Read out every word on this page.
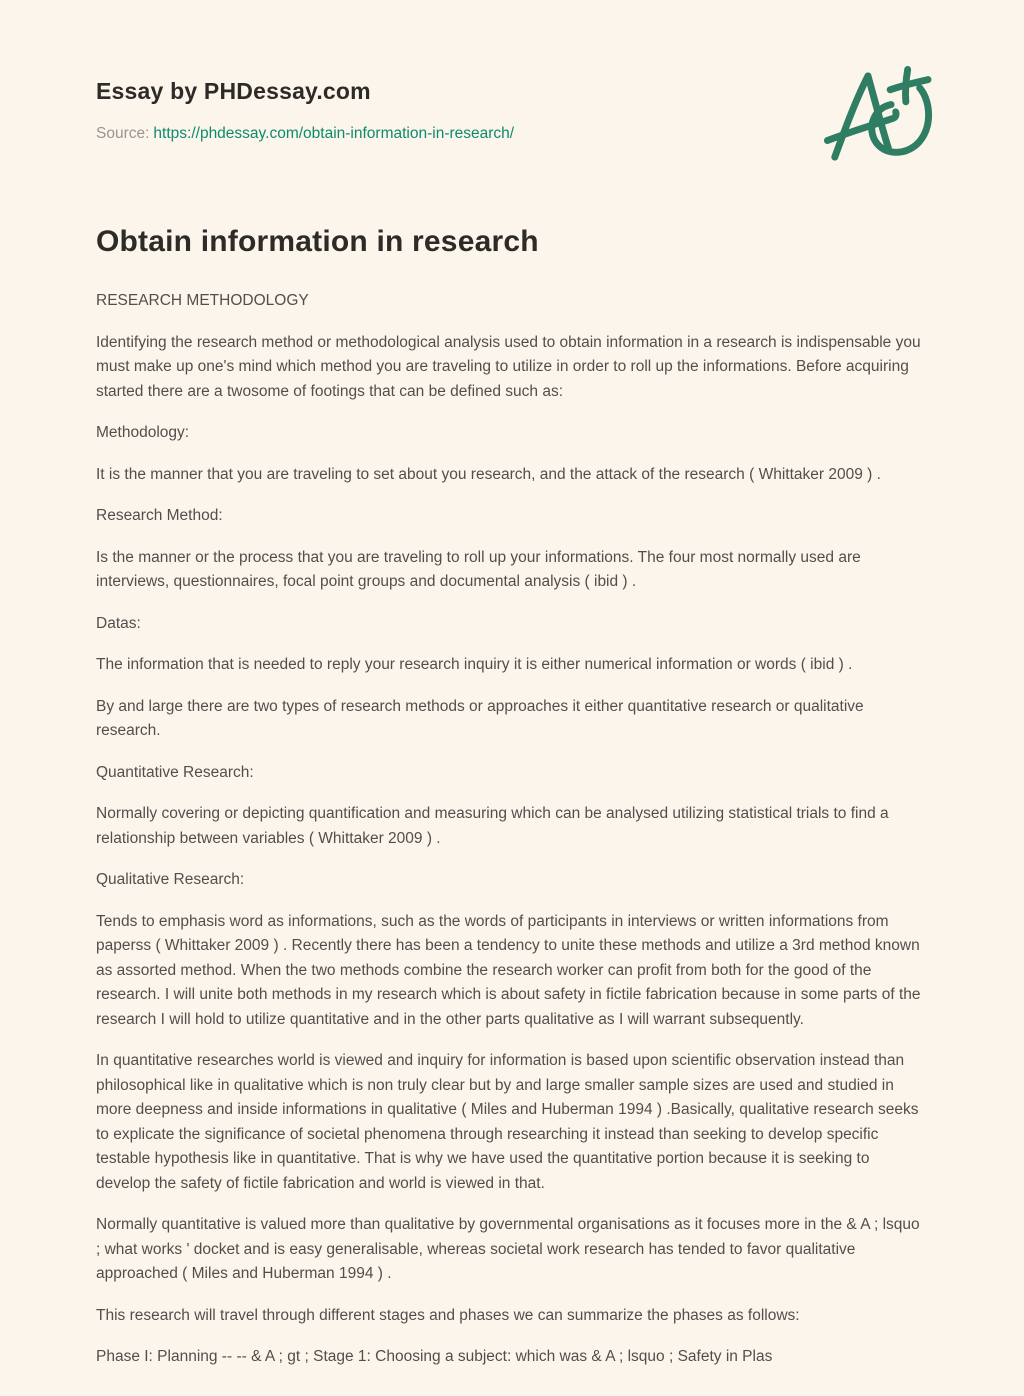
Essay by PHDessay.com
Source: https://phdessay.com/obtain-information-in-research/
Obtain information in research

RESEARCH METHODOLOGY

Identifying the research method or methodological analysis used to obtain information in a research is indispensable you must make up one's mind which method you are traveling to utilize in order to roll up the informations. Before acquiring started there are a twosome of footings that can be defined such as:

Methodology:

It is the manner that you are traveling to set about you research, and the attack of the research ( Whittaker 2009 ) .

Research Method:

Is the manner or the process that you are traveling to roll up your informations. The four most normally used are interviews, questionnaires, focal point groups and documental analysis ( ibid ) .

Datas:

The information that is needed to reply your research inquiry it is either numerical information or words ( ibid ) .

By and large there are two types of research methods or approaches it either quantitative research or qualitative research.

Quantitative Research:

Normally covering or depicting quantification and measuring which can be analysed utilizing statistical trials to find a relationship between variables ( Whittaker 2009 ) .

Qualitative Research:

Tends to emphasis word as informations, such as the words of participants in interviews or written informations from paperss ( Whittaker 2009 ) . Recently there has been a tendency to unite these methods and utilize a 3rd method known as assorted method. When the two methods combine the research worker can profit from both for the good of the research. I will unite both methods in my research which is about safety in fictile fabrication because in some parts of the research I will hold to utilize quantitative and in the other parts qualitative as I will warrant subsequently.

In quantitative researches world is viewed and inquiry for information is based upon scientific observation instead than philosophical like in qualitative which is non truly clear but by and large smaller sample sizes are used and studied in more deepness and inside informations in qualitative ( Miles and Huberman 1994 ) .Basically, qualitative research seeks to explicate the significance of societal phenomena through researching it instead than seeking to develop specific testable hypothesis like in quantitative. That is why we have used the quantitative portion because it is seeking to develop the safety of fictile fabrication and world is viewed in that.

Normally quantitative is valued more than qualitative by governmental organisations as it focuses more in the & A ; lsquo ; what works ' docket and is easy generalisable, whereas societal work research has tended to favor qualitative approached ( Miles and Huberman 1994 ) .

This research will travel through different stages and phases we can summarize the phases as follows:

Phase I: Planning -- -- & A ; gt ; Stage 1: Choosing a subject: which was & A ; lsquo ; Safety in Plas
